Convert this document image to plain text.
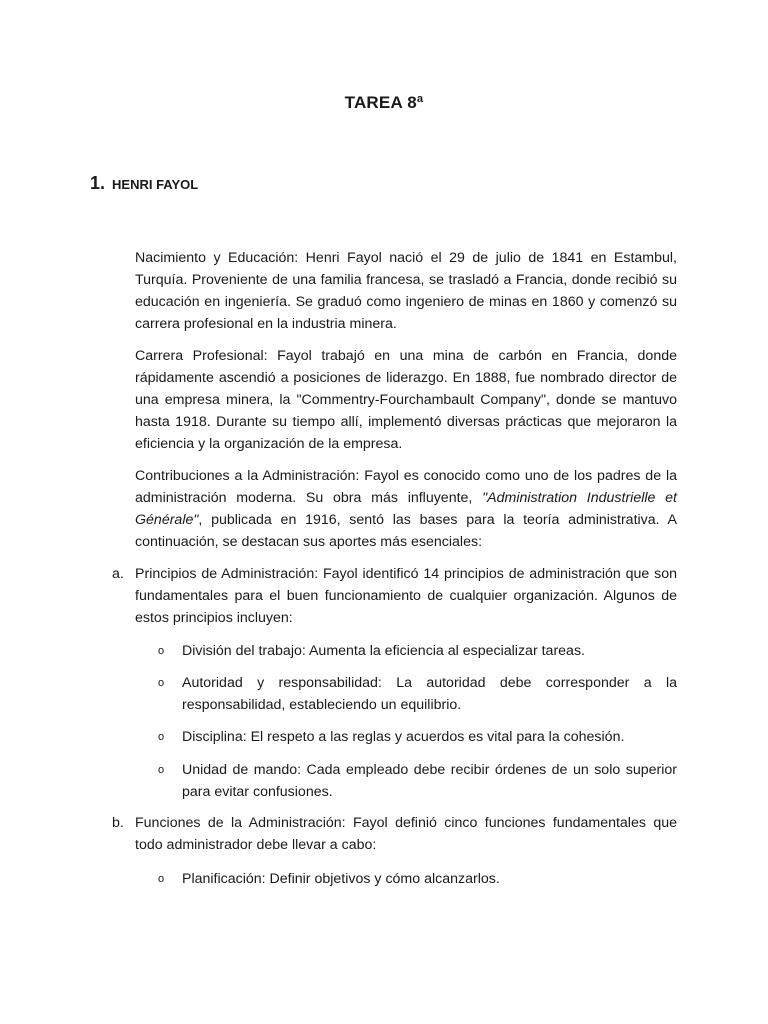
TAREA 8ª
1. HENRI FAYOL

Nacimiento y Educación: Henri Fayol nació el 29 de julio de 1841 en Estambul, Turquía. Proveniente de una familia francesa, se trasladó a Francia, donde recibió su educación en ingeniería. Se graduó como ingeniero de minas en 1860 y comenzó su carrera profesional en la industria minera.

Carrera Profesional: Fayol trabajó en una mina de carbón en Francia, donde rápidamente ascendió a posiciones de liderazgo. En 1888, fue nombrado director de una empresa minera, la "Commentry-Fourchambault Company", donde se mantuvo hasta 1918. Durante su tiempo allí, implementó diversas prácticas que mejoraron la eficiencia y la organización de la empresa.

Contribuciones a la Administración: Fayol es conocido como uno de los padres de la administración moderna. Su obra más influyente, "Administration Industrielle et Générale", publicada en 1916, sentó las bases para la teoría administrativa. A continuación, se destacan sus aportes más esenciales:

a. Principios de Administración: Fayol identificó 14 principios de administración que son fundamentales para el buen funcionamiento de cualquier organización. Algunos de estos principios incluyen:
o	División del trabajo: Aumenta la eficiencia al especializar tareas.
o	Autoridad y responsabilidad: La autoridad debe corresponder a la responsabilidad, estableciendo un equilibrio.
o	Disciplina: El respeto a las reglas y acuerdos es vital para la cohesión.
o	Unidad de mando: Cada empleado debe recibir órdenes de un solo superior para evitar confusiones.
b. Funciones de la Administración: Fayol definió cinco funciones fundamentales que todo administrador debe llevar a cabo:
o	Planificación: Definir objetivos y cómo alcanzarlos.
